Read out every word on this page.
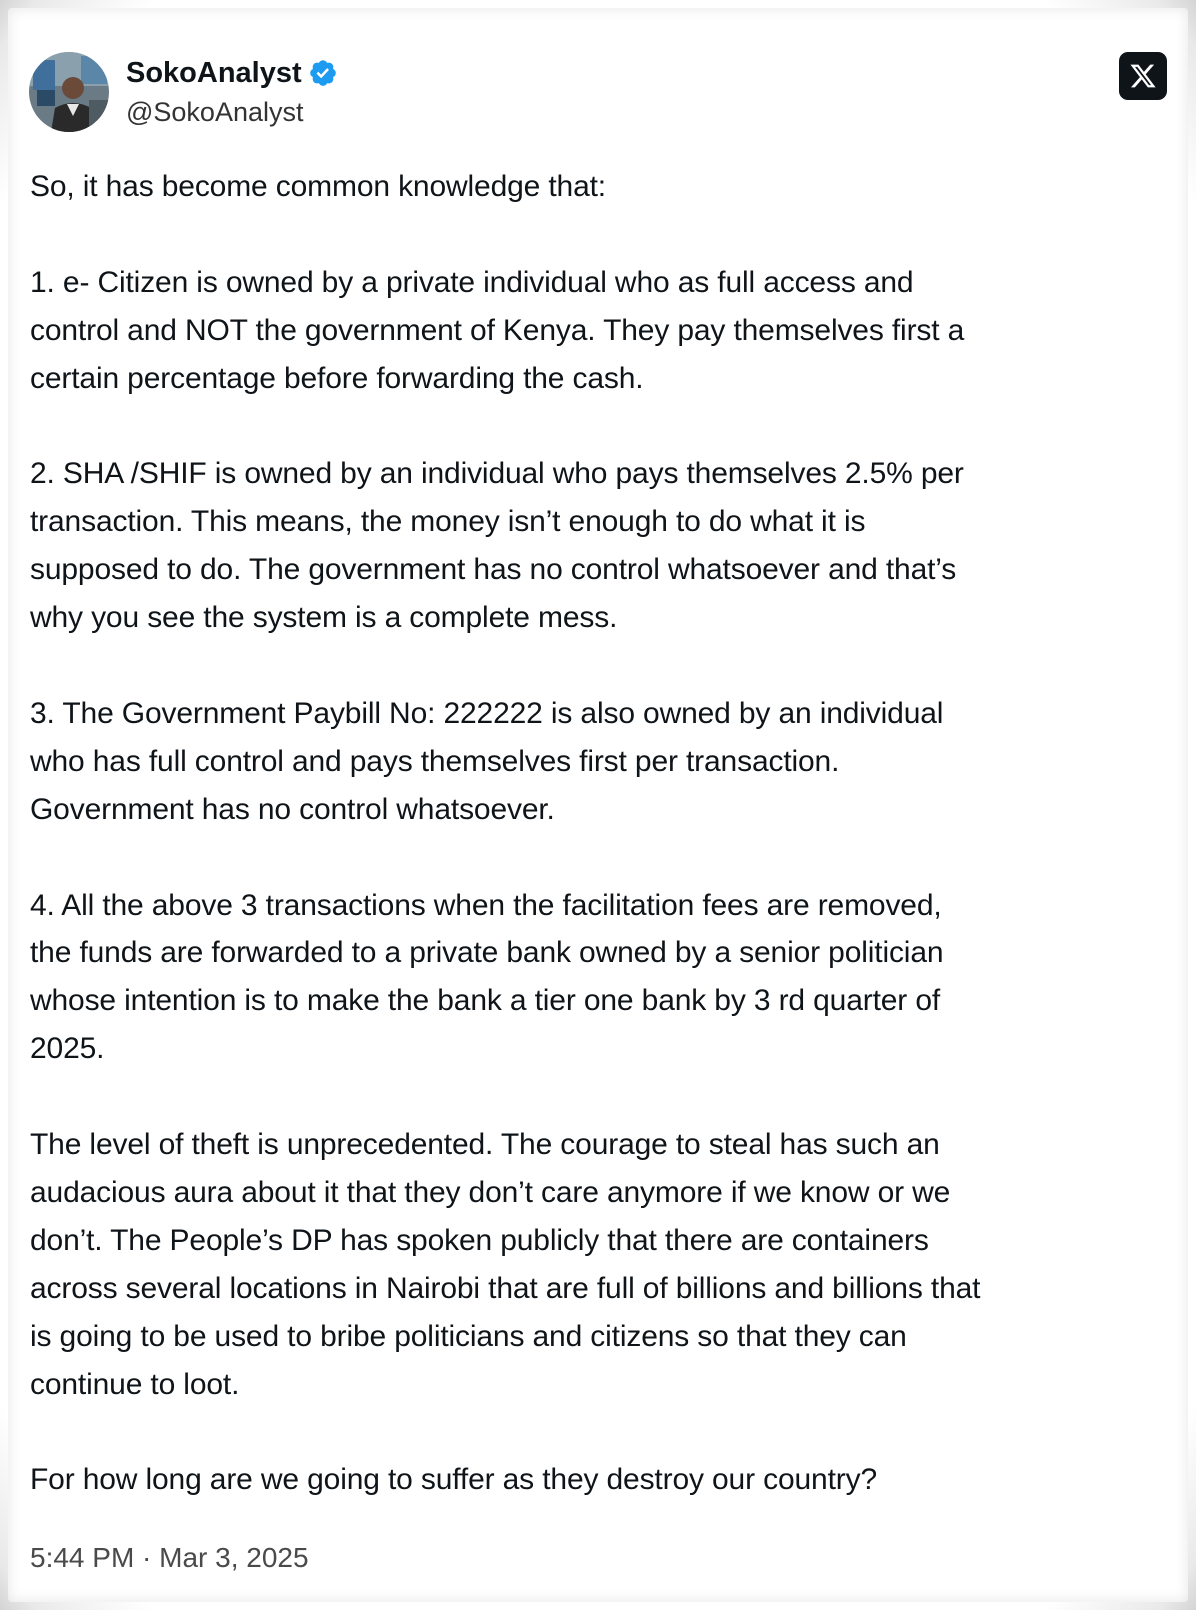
SokoAnalyst
@SokoAnalyst

So, it has become common knowledge that:

1. e- Citizen is owned by a private individual who as full access and
control and NOT the government of Kenya. They pay themselves first a
certain percentage before forwarding the cash.

2. SHA /SHIF is owned by an individual who pays themselves 2.5% per
transaction. This means, the money isn’t enough to do what it is
supposed to do. The government has no control whatsoever and that’s
why you see the system is a complete mess.

3. The Government Paybill No: 222222 is also owned by an individual
who has full control and pays themselves first per transaction.
Government has no control whatsoever.

4. All the above 3 transactions when the facilitation fees are removed,
the funds are forwarded to a private bank owned by a senior politician
whose intention is to make the bank a tier one bank by 3 rd quarter of
2025.

The level of theft is unprecedented. The courage to steal has such an
audacious aura about it that they don’t care anymore if we know or we
don’t. The People’s DP has spoken publicly that there are containers
across several locations in Nairobi that are full of billions and billions that
is going to be used to bribe politicians and citizens so that they can
continue to loot.

For how long are we going to suffer as they destroy our country?

5:44 PM · Mar 3, 2025
